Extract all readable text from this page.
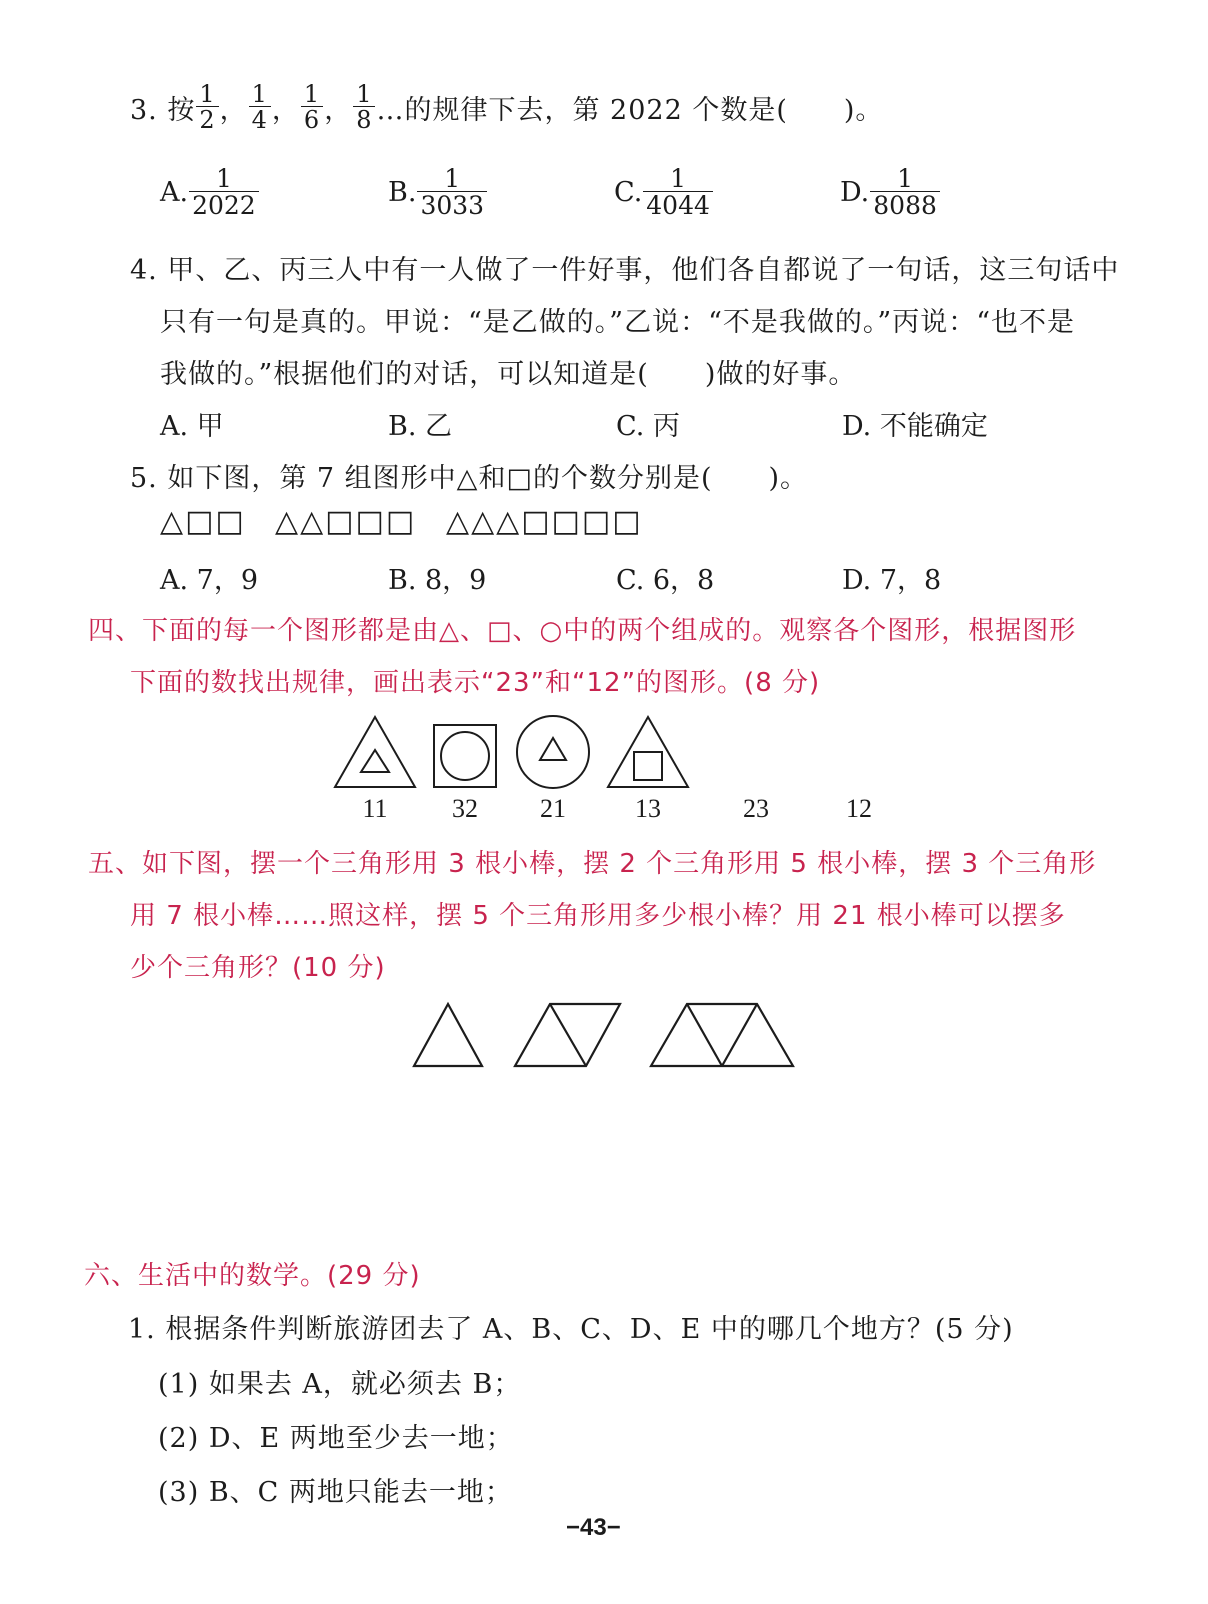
3. 按 $\frac{1}{2}$ ， $\frac{1}{4}$ ， $\frac{1}{6}$ ， $\frac{1}{8}$ …的规律下去，第 2022 个数是(　　)。
A. $\frac{1}{2022}$	B. $\frac{1}{3033}$	C. $\frac{1}{4044}$	D. $\frac{1}{8088}$
4. 甲、乙、丙三人中有一人做了一件好事，他们各自都说了一句话，这三句话中
只有一句是真的。甲说：“是乙做的。”乙说：“不是我做的。”丙说：“也不是
我做的。”根据他们的对话，可以知道是(　　)做的好事。
A. 甲	B. 乙	C. 丙	D. 不能确定
5. 如下图，第 7 组图形中△和□的个数分别是(　　)。
△□□ △△□□□ △△△□□□□
A. 7，9	B. 8，9	C. 6，8	D. 7，8
四、下面的每一个图形都是由△、□、○中的两个组成的。观察各个图形，根据图形
下面的数找出规律，画出表示“23”和“12”的图形。(8 分)
11 32 21	13	23	12
五、如下图，摆一个三角形用 3 根小棒，摆 2 个三角形用 5 根小棒，摆 3 个三角形
用 7 根小棒……照这样，摆 5 个三角形用多少根小棒？用 21 根小棒可以摆多
少个三角形？(10 分)
六、生活中的数学。(29 分)
1. 根据条件判断旅游团去了 A、B、C、D、E 中的哪几个地方？(5 分)
(1) 如果去 A，就必须去 B；
(2) D、E 两地至少去一地；
(3) B、C 两地只能去一地；
−43−
